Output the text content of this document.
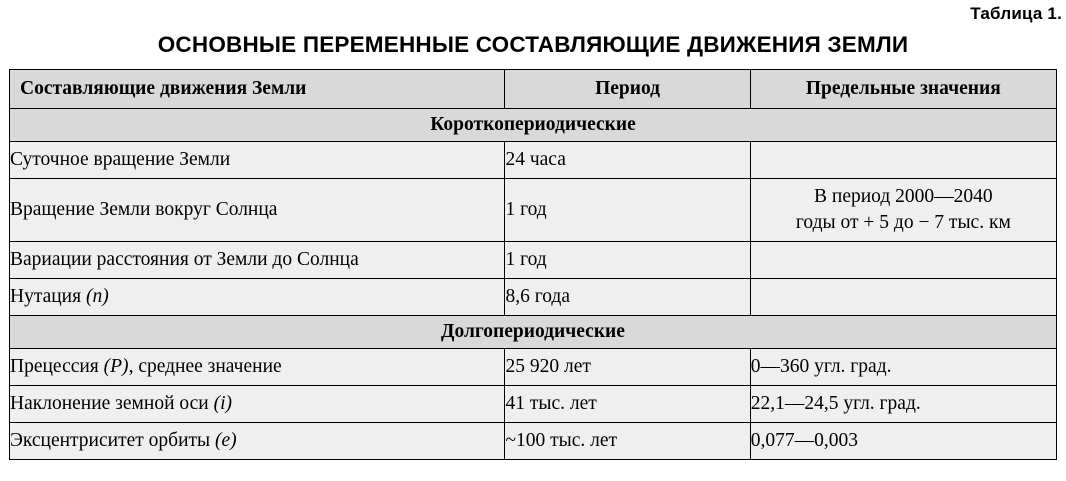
Таблица 1.
ОСНОВНЫЕ ПЕРЕМЕННЫЕ СОСТАВЛЯЮЩИЕ ДВИЖЕНИЯ ЗЕМЛИ
Составляющие движения Земли	Период	Предельные значения
Короткопериодические		
Суточное вращение Земли	24 часа	
Вращение Земли вокруг Солнца	1 год	В период 2000—2040
годы от + 5 до − 7 тыс. км

Вариации расстояния от Земли до Солнца	1 год	
Нутация (n)	8,6 года	
Долгопериодические		
Прецессия (P), среднее значение	25 920 лет	0—360 угл. град.
Наклонение земной оси (i)	41 тыс. лет	22,1—24,5 угл. град.
Эксцентриситет орбиты (e)	~100 тыс. лет	0,077—0,003
